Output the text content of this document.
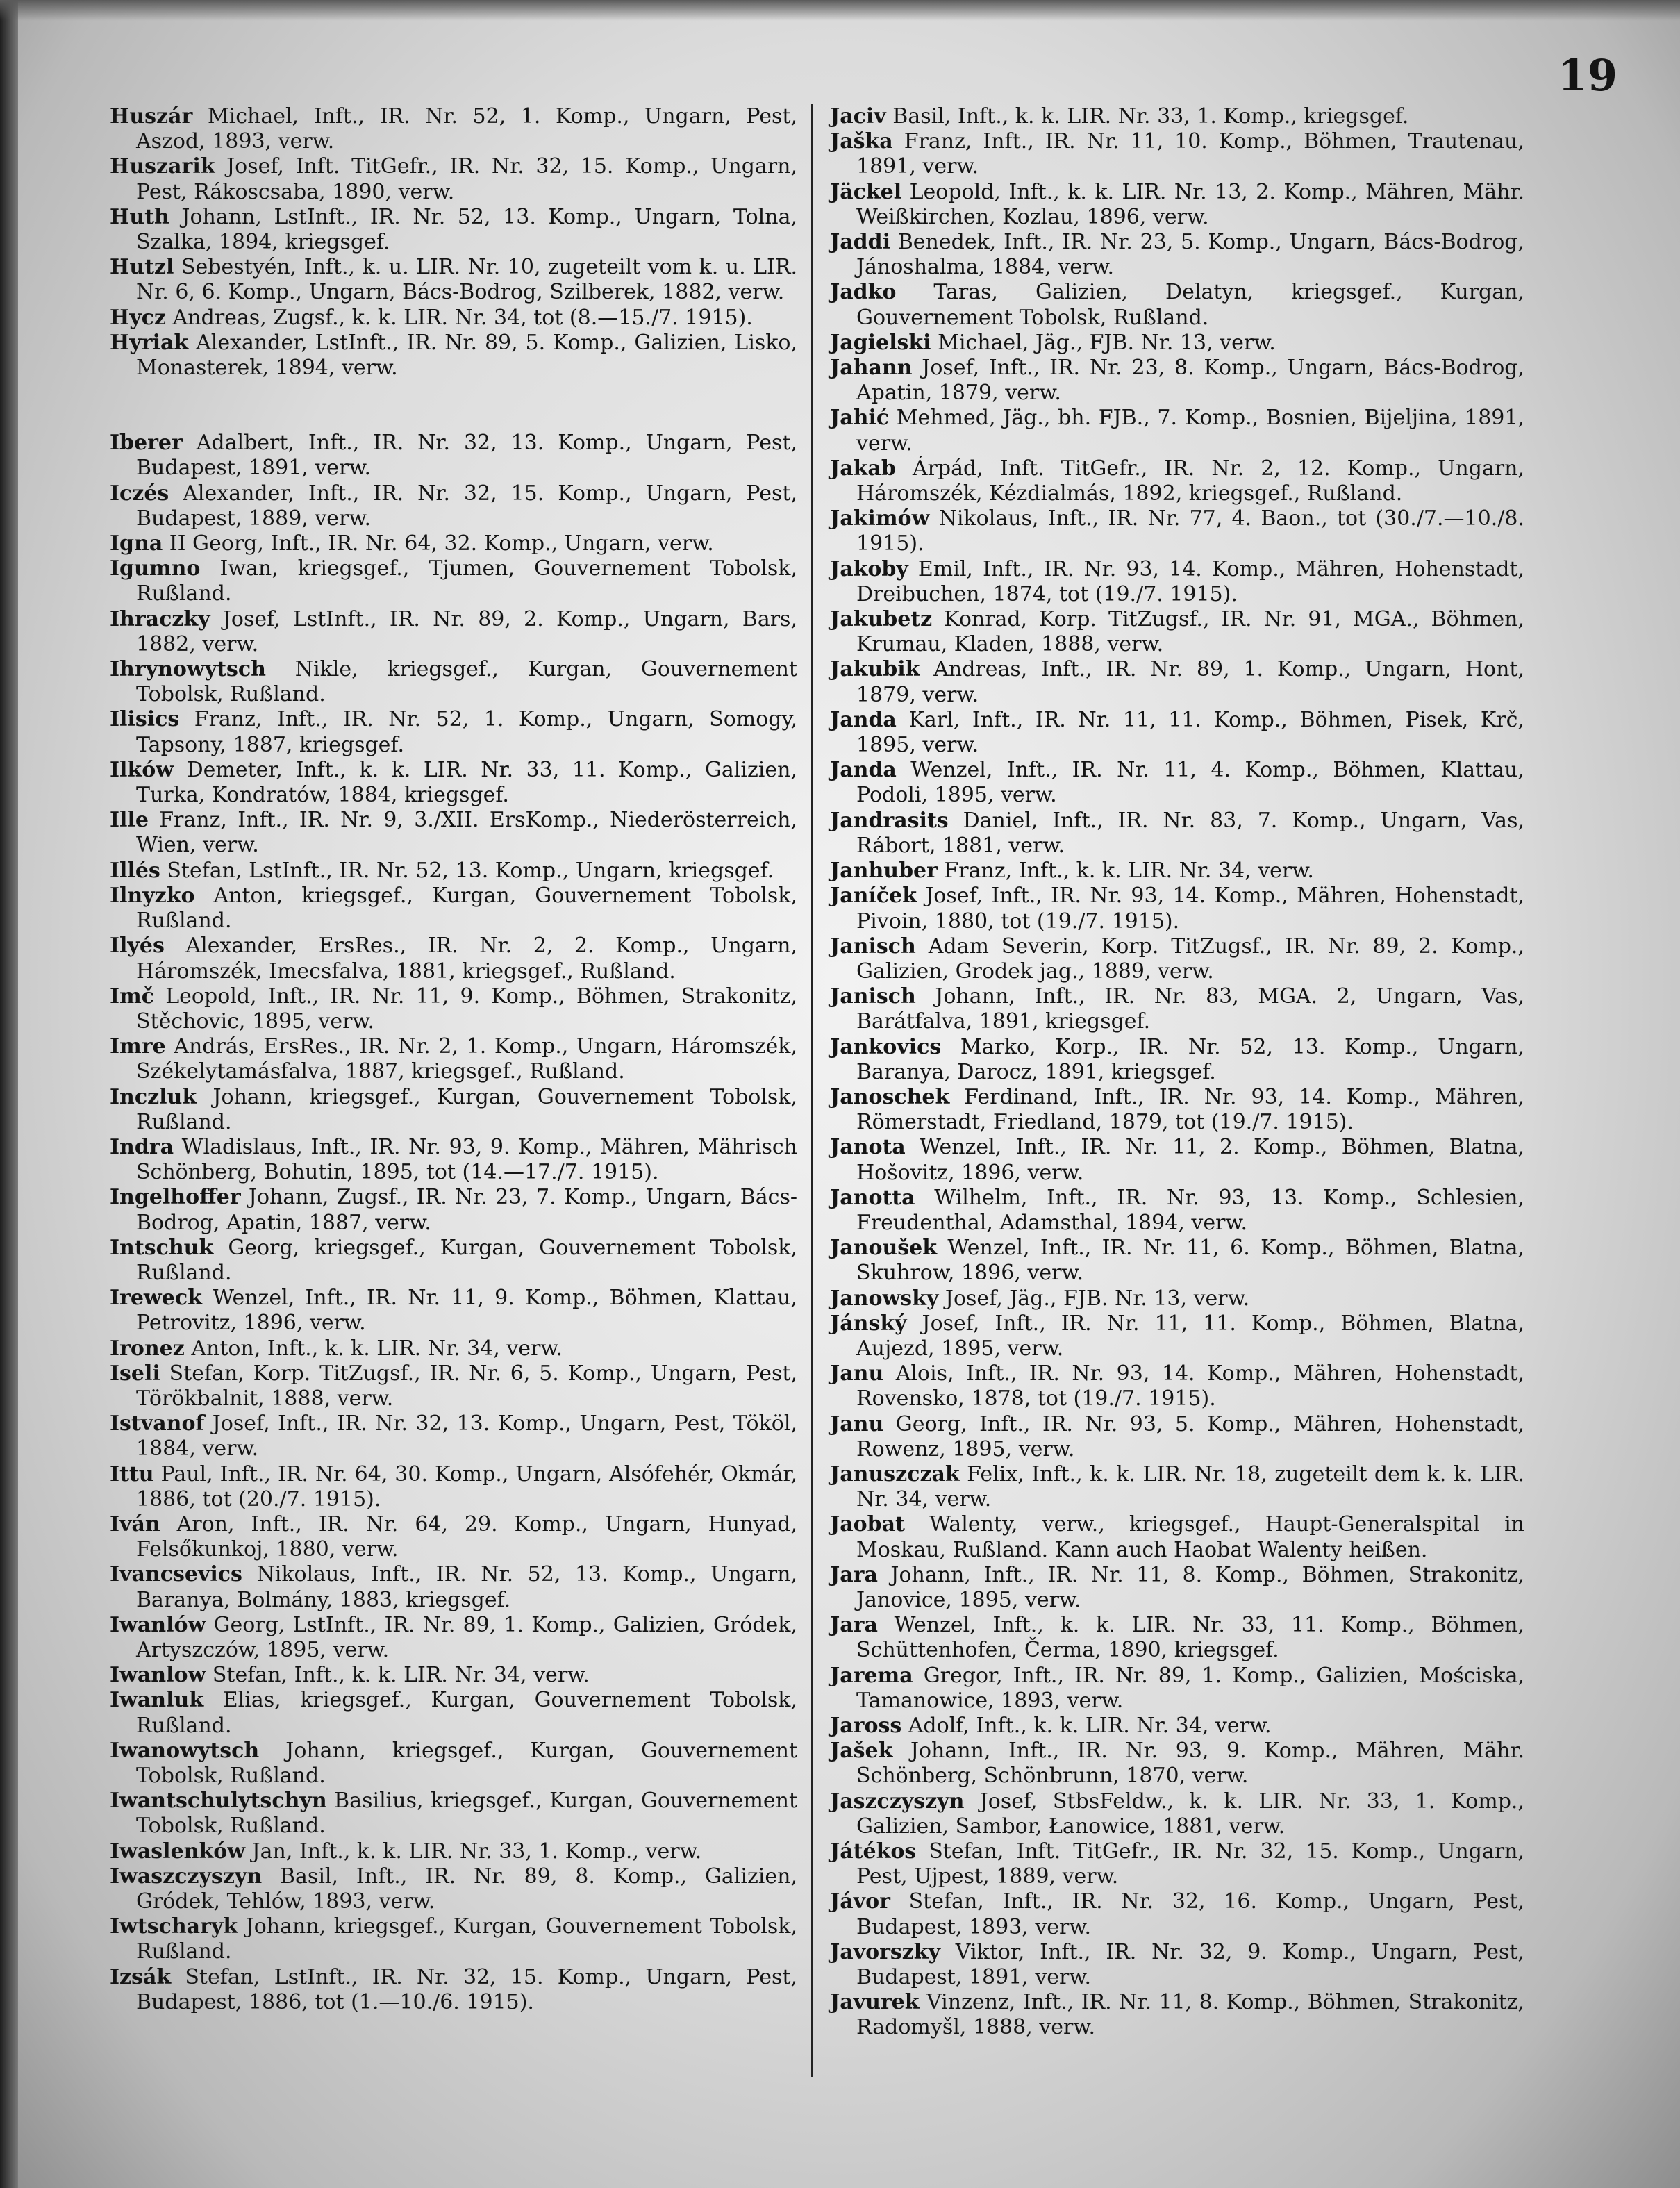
19

Huszár Michael, Inft., IR. Nr. 52, 1. Komp., Ungarn, Pest, Aszod, 1893, verw.

Huszarik Josef, Inft. TitGefr., IR. Nr. 32, 15. Komp., Ungarn, Pest, Rákoscsaba, 1890, verw.

Huth Johann, LstInft., IR. Nr. 52, 13. Komp., Ungarn, Tolna, Szalka, 1894, kriegsgef.

Hutzl Sebestyén, Inft., k. u. LIR. Nr. 10, zugeteilt vom k. u. LIR. Nr. 6, 6. Komp., Ungarn, Bács-Bodrog, Szilberek, 1882, verw.

Hycz Andreas, Zugsf., k. k. LIR. Nr. 34, tot (8.—15./7. 1915).

Hyriak Alexander, LstInft., IR. Nr. 89, 5. Komp., Galizien, Lisko, Monasterek, 1894, verw.

Iberer Adalbert, Inft., IR. Nr. 32, 13. Komp., Ungarn, Pest, Budapest, 1891, verw.

Iczés Alexander, Inft., IR. Nr. 32, 15. Komp., Ungarn, Pest, Budapest, 1889, verw.

Igna II Georg, Inft., IR. Nr. 64, 32. Komp., Ungarn, verw.

Igumno Iwan, kriegsgef., Tjumen, Gouvernement Tobolsk, Rußland.

Ihraczky Josef, LstInft., IR. Nr. 89, 2. Komp., Ungarn, Bars, 1882, verw.

Ihrynowytsch Nikle, kriegsgef., Kurgan, Gouvernement Tobolsk, Rußland.

Ilisics Franz, Inft., IR. Nr. 52, 1. Komp., Ungarn, Somogy, Tapsony, 1887, kriegsgef.

Ilków Demeter, Inft., k. k. LIR. Nr. 33, 11. Komp., Galizien, Turka, Kondratów, 1884, kriegsgef.

Ille Franz, Inft., IR. Nr. 9, 3./XII. ErsKomp., Niederösterreich, Wien, verw.

Illés Stefan, LstInft., IR. Nr. 52, 13. Komp., Ungarn, kriegsgef.

Ilnyzko Anton, kriegsgef., Kurgan, Gouvernement Tobolsk, Rußland.

Ilyés Alexander, ErsRes., IR. Nr. 2, 2. Komp., Ungarn, Háromszék, Imecsfalva, 1881, kriegsgef., Rußland.

Imč Leopold, Inft., IR. Nr. 11, 9. Komp., Böhmen, Strakonitz, Stěchovic, 1895, verw.

Imre András, ErsRes., IR. Nr. 2, 1. Komp., Ungarn, Háromszék, Székelytamásfalva, 1887, kriegsgef., Rußland.

Inczluk Johann, kriegsgef., Kurgan, Gouvernement Tobolsk, Rußland.

Indra Wladislaus, Inft., IR. Nr. 93, 9. Komp., Mähren, Mährisch Schönberg, Bohutin, 1895, tot (14.—17./7. 1915).

Ingelhoffer Johann, Zugsf., IR. Nr. 23, 7. Komp., Ungarn, Bács-Bodrog, Apatin, 1887, verw.

Intschuk Georg, kriegsgef., Kurgan, Gouvernement Tobolsk, Rußland.

Ireweck Wenzel, Inft., IR. Nr. 11, 9. Komp., Böhmen, Klattau, Petrovitz, 1896, verw.

Ironez Anton, Inft., k. k. LIR. Nr. 34, verw.

Iseli Stefan, Korp. TitZugsf., IR. Nr. 6, 5. Komp., Ungarn, Pest, Törökbalnit, 1888, verw.

Istvanof Josef, Inft., IR. Nr. 32, 13. Komp., Ungarn, Pest, Tököl, 1884, verw.

Ittu Paul, Inft., IR. Nr. 64, 30. Komp., Ungarn, Alsófehér, Okmár, 1886, tot (20./7. 1915).

Iván Aron, Inft., IR. Nr. 64, 29. Komp., Ungarn, Hunyad, Felsőkunkoj, 1880, verw.

Ivancsevics Nikolaus, Inft., IR. Nr. 52, 13. Komp., Ungarn, Baranya, Bolmány, 1883, kriegsgef.

Iwanlów Georg, LstInft., IR. Nr. 89, 1. Komp., Galizien, Gródek, Artyszczów, 1895, verw.

Iwanlow Stefan, Inft., k. k. LIR. Nr. 34, verw.

Iwanluk Elias, kriegsgef., Kurgan, Gouvernement Tobolsk, Rußland.

Iwanowytsch Johann, kriegsgef., Kurgan, Gouvernement Tobolsk, Rußland.

Iwantschulytschyn Basilius, kriegsgef., Kurgan, Gouvernement Tobolsk, Rußland.

Iwaslenków Jan, Inft., k. k. LIR. Nr. 33, 1. Komp., verw.

Iwaszczyszyn Basil, Inft., IR. Nr. 89, 8. Komp., Galizien, Gródek, Tehlów, 1893, verw.

Iwtscharyk Johann, kriegsgef., Kurgan, Gouvernement Tobolsk, Rußland.

Izsák Stefan, LstInft., IR. Nr. 32, 15. Komp., Ungarn, Pest, Budapest, 1886, tot (1.—10./6. 1915).

Jaciv Basil, Inft., k. k. LIR. Nr. 33, 1. Komp., kriegsgef.

Jaška Franz, Inft., IR. Nr. 11, 10. Komp., Böhmen, Trautenau, 1891, verw.

Jäckel Leopold, Inft., k. k. LIR. Nr. 13, 2. Komp., Mähren, Mähr. Weißkirchen, Kozlau, 1896, verw.

Jaddi Benedek, Inft., IR. Nr. 23, 5. Komp., Ungarn, Bács-Bodrog, Jánoshalma, 1884, verw.

Jadko Taras, Galizien, Delatyn, kriegsgef., Kurgan, Gouvernement Tobolsk, Rußland.

Jagielski Michael, Jäg., FJB. Nr. 13, verw.

Jahann Josef, Inft., IR. Nr. 23, 8. Komp., Ungarn, Bács-Bodrog, Apatin, 1879, verw.

Jahić Mehmed, Jäg., bh. FJB., 7. Komp., Bosnien, Bijeljina, 1891, verw.

Jakab Árpád, Inft. TitGefr., IR. Nr. 2, 12. Komp., Ungarn, Háromszék, Kézdialmás, 1892, kriegsgef., Rußland.

Jakimów Nikolaus, Inft., IR. Nr. 77, 4. Baon., tot (30./7.—10./8. 1915).

Jakoby Emil, Inft., IR. Nr. 93, 14. Komp., Mähren, Hohenstadt, Dreibuchen, 1874, tot (19./7. 1915).

Jakubetz Konrad, Korp. TitZugsf., IR. Nr. 91, MGA., Böhmen, Krumau, Kladen, 1888, verw.

Jakubik Andreas, Inft., IR. Nr. 89, 1. Komp., Ungarn, Hont, 1879, verw.

Janda Karl, Inft., IR. Nr. 11, 11. Komp., Böhmen, Pisek, Krč, 1895, verw.

Janda Wenzel, Inft., IR. Nr. 11, 4. Komp., Böhmen, Klattau, Podoli, 1895, verw.

Jandrasits Daniel, Inft., IR. Nr. 83, 7. Komp., Ungarn, Vas, Rábort, 1881, verw.

Janhuber Franz, Inft., k. k. LIR. Nr. 34, verw.

Janíček Josef, Inft., IR. Nr. 93, 14. Komp., Mähren, Hohenstadt, Pivoin, 1880, tot (19./7. 1915).

Janisch Adam Severin, Korp. TitZugsf., IR. Nr. 89, 2. Komp., Galizien, Grodek jag., 1889, verw.

Janisch Johann, Inft., IR. Nr. 83, MGA. 2, Ungarn, Vas, Barátfalva, 1891, kriegsgef.

Jankovics Marko, Korp., IR. Nr. 52, 13. Komp., Ungarn, Baranya, Darocz, 1891, kriegsgef.

Janoschek Ferdinand, Inft., IR. Nr. 93, 14. Komp., Mähren, Römerstadt, Friedland, 1879, tot (19./7. 1915).

Janota Wenzel, Inft., IR. Nr. 11, 2. Komp., Böhmen, Blatna, Hošovitz, 1896, verw.

Janotta Wilhelm, Inft., IR. Nr. 93, 13. Komp., Schlesien, Freudenthal, Adamsthal, 1894, verw.

Janoušek Wenzel, Inft., IR. Nr. 11, 6. Komp., Böhmen, Blatna, Skuhrow, 1896, verw.

Janowsky Josef, Jäg., FJB. Nr. 13, verw.

Jánský Josef, Inft., IR. Nr. 11, 11. Komp., Böhmen, Blatna, Aujezd, 1895, verw.

Janu Alois, Inft., IR. Nr. 93, 14. Komp., Mähren, Hohenstadt, Rovensko, 1878, tot (19./7. 1915).

Janu Georg, Inft., IR. Nr. 93, 5. Komp., Mähren, Hohenstadt, Rowenz, 1895, verw.

Januszczak Felix, Inft., k. k. LIR. Nr. 18, zugeteilt dem k. k. LIR. Nr. 34, verw.

Jaobat Walenty, verw., kriegsgef., Haupt-Generalspital in Moskau, Rußland. Kann auch Haobat Walenty heißen.

Jara Johann, Inft., IR. Nr. 11, 8. Komp., Böhmen, Strakonitz, Janovice, 1895, verw.

Jara Wenzel, Inft., k. k. LIR. Nr. 33, 11. Komp., Böhmen, Schüttenhofen, Čerma, 1890, kriegsgef.

Jarema Gregor, Inft., IR. Nr. 89, 1. Komp., Galizien, Mościska, Tamanowice, 1893, verw.

Jaross Adolf, Inft., k. k. LIR. Nr. 34, verw.

Jašek Johann, Inft., IR. Nr. 93, 9. Komp., Mähren, Mähr. Schönberg, Schönbrunn, 1870, verw.

Jaszczyszyn Josef, StbsFeldw., k. k. LIR. Nr. 33, 1. Komp., Galizien, Sambor, Łanowice, 1881, verw.

Játékos Stefan, Inft. TitGefr., IR. Nr. 32, 15. Komp., Ungarn, Pest, Ujpest, 1889, verw.

Jávor Stefan, Inft., IR. Nr. 32, 16. Komp., Ungarn, Pest, Budapest, 1893, verw.

Javorszky Viktor, Inft., IR. Nr. 32, 9. Komp., Ungarn, Pest, Budapest, 1891, verw.

Javurek Vinzenz, Inft., IR. Nr. 11, 8. Komp., Böhmen, Strakonitz, Radomyšl, 1888, verw.
